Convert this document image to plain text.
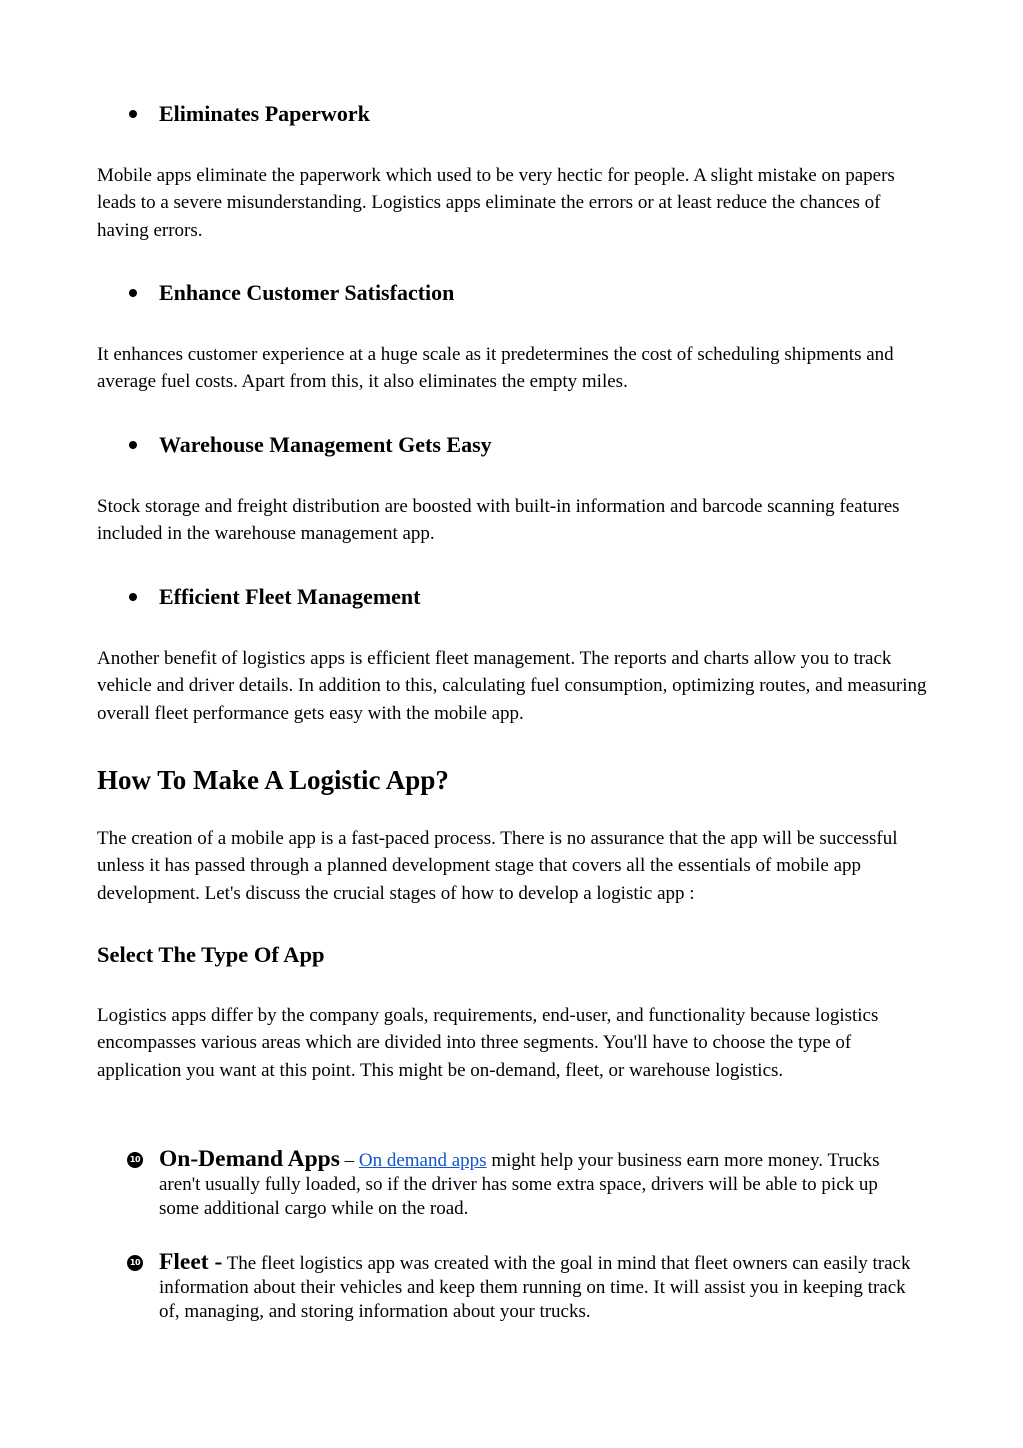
Eliminates Paperwork

Mobile apps eliminate the paperwork which used to be very hectic for people. A slight mistake on papers leads to a severe misunderstanding. Logistics apps eliminate the errors or at least reduce the chances of having errors.

Enhance Customer Satisfaction

It enhances customer experience at a huge scale as it predetermines the cost of scheduling shipments and average fuel costs. Apart from this, it also eliminates the empty miles.

Warehouse Management Gets Easy

Stock storage and freight distribution are boosted with built-in information and barcode scanning features included in the warehouse management app.

Efficient Fleet Management

Another benefit of logistics apps is efficient fleet management. The reports and charts allow you to track vehicle and driver details. In addition to this, calculating fuel consumption, optimizing routes, and measuring overall fleet performance gets easy with the mobile app.

How To Make A Logistic App?

The creation of a mobile app is a fast-paced process. There is no assurance that the app will be successful unless it has passed through a planned development stage that covers all the essentials of mobile app development. Let's discuss the crucial stages of how to develop a logistic app :

Select The Type Of App

Logistics apps differ by the company goals, requirements, end-user, and functionality because logistics encompasses various areas which are divided into three segments. You'll have to choose the type of application you want at this point. This might be on-demand, fleet, or warehouse logistics.

10 On-Demand Apps – On demand apps might help your business earn more money. Trucks aren't usually fully loaded, so if the driver has some extra space, drivers will be able to pick up some additional cargo while on the road.

10 Fleet - The fleet logistics app was created with the goal in mind that fleet owners can easily track information about their vehicles and keep them running on time. It will assist you in keeping track of, managing, and storing information about your trucks.
